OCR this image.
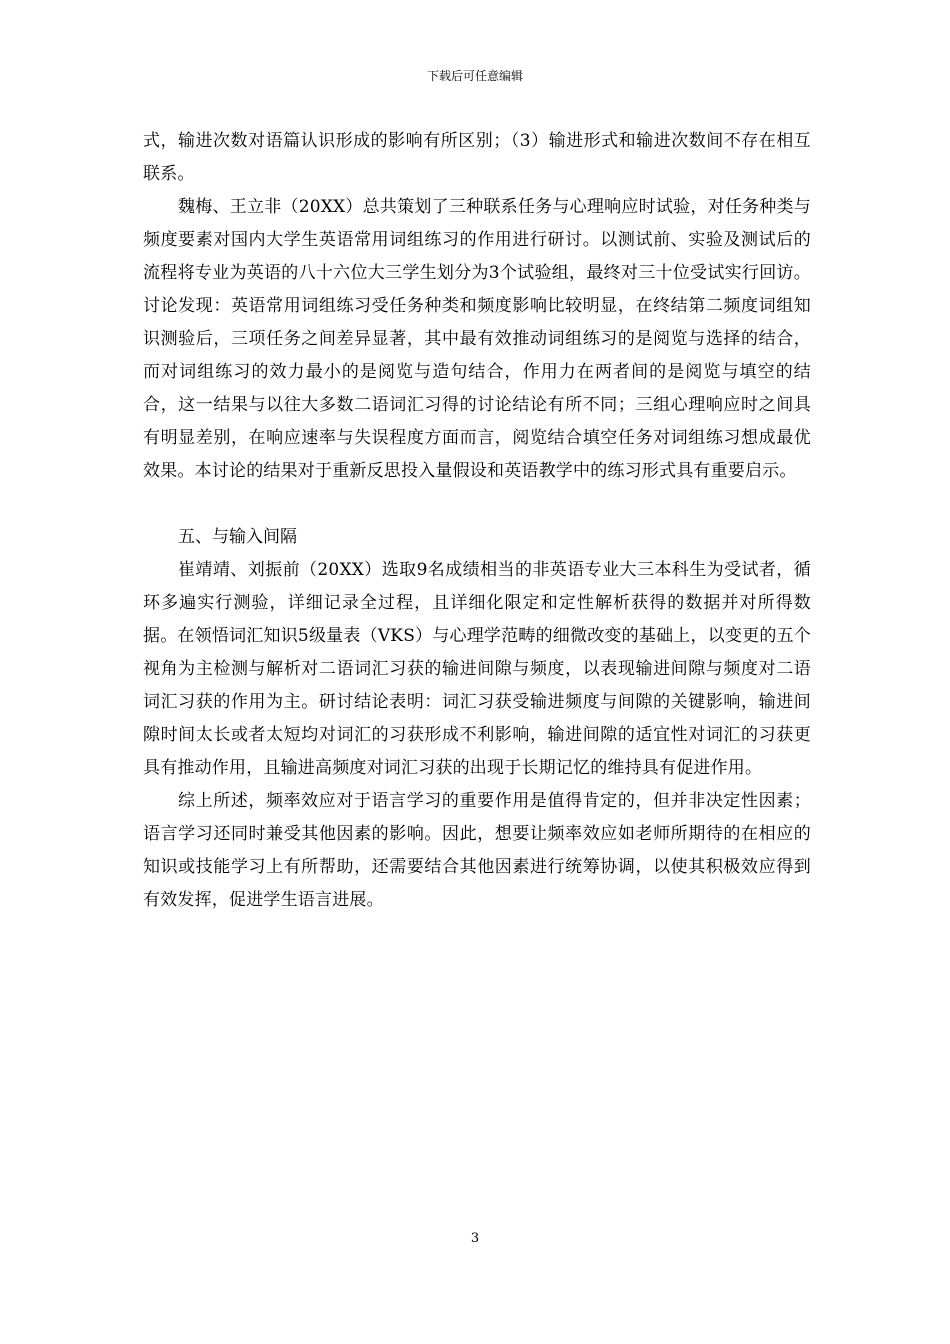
下载后可任意编辑

式，输进次数对语篇认识形成的影响有所区别；（3）输进形式和输进次数间不存在相互联系。

魏梅、王立非（20XX）总共策划了三种联系任务与心理响应时试验，对任务种类与频度要素对国内大学生英语常用词组练习的作用进行研讨。以测试前、实验及测试后的流程将专业为英语的八十六位大三学生划分为3个试验组，最终对三十位受试实行回访。讨论发现：英语常用词组练习受任务种类和频度影响比较明显，在终结第二频度词组知识测验后，三项任务之间差异显著，其中最有效推动词组练习的是阅览与选择的结合，而对词组练习的效力最小的是阅览与造句结合，作用力在两者间的是阅览与填空的结合，这一结果与以往大多数二语词汇习得的讨论结论有所不同；三组心理响应时之间具有明显差别，在响应速率与失误程度方面而言，阅览结合填空任务对词组练习想成最优效果。本讨论的结果对于重新反思投入量假设和英语教学中的练习形式具有重要启示。

五、与输入间隔

崔靖靖、刘振前（20XX）选取9名成绩相当的非英语专业大三本科生为受试者，循环多遍实行测验，详细记录全过程，且详细化限定和定性解析获得的数据并对所得数据。在领悟词汇知识5级量表（VKS）与心理学范畴的细微改变的基础上，以变更的五个视角为主检测与解析对二语词汇习获的输进间隙与频度，以表现输进间隙与频度对二语词汇习获的作用为主。研讨结论表明：词汇习获受输进频度与间隙的关键影响，输进间隙时间太长或者太短均对词汇的习获形成不利影响，输进间隙的适宜性对词汇的习获更具有推动作用，且输进高频度对词汇习获的出现于长期记忆的维持具有促进作用。

综上所述，频率效应对于语言学习的重要作用是值得肯定的，但并非决定性因素；语言学习还同时兼受其他因素的影响。因此，想要让频率效应如老师所期待的在相应的知识或技能学习上有所帮助，还需要结合其他因素进行统筹协调，以使其积极效应得到有效发挥，促进学生语言进展。

3
